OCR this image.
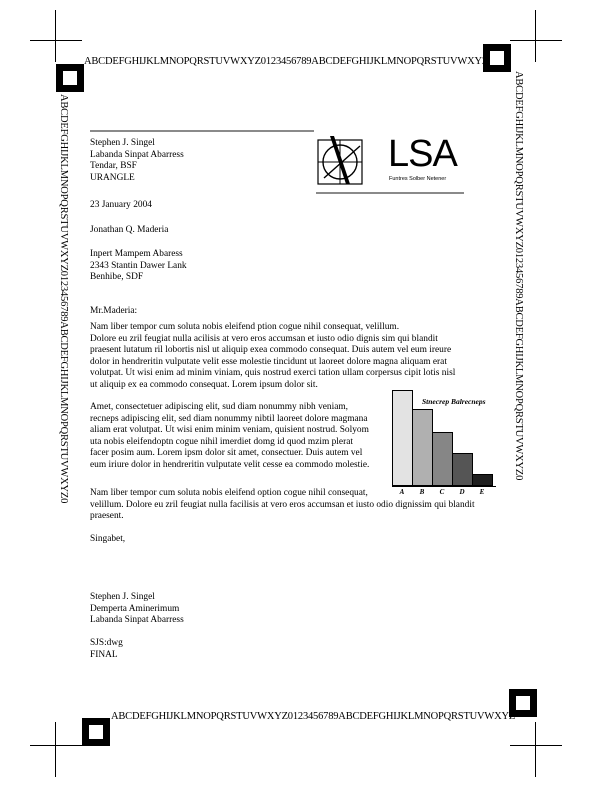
ABCDEFGHIJKLMNOPQRSTUVWXYZ0123456789ABCDEFGHIJKLMNOPQRSTUVWXYZ
ABCDEFGHIJKLMNOPQRSTUVWXYZ0123456789ABCDEFGHIJKLMNOPQRSTUVWXYZ
ABCDEFGHIJKLMNOPQRSTUVWXYZ0123456789ABCDEFGHIJKLMNOPQRSTUVWXYZ0	ABCDEFGHIJKLMNOPQRSTUVWXYZ0123456789ABCDEFGHIJKLMNOPQRSTUVWXYZ0
LSA
Funtres Solber Netener

Stephen J. Singel

Labanda Sinpat Abarress

Tendar, BSF

URANGLE

23 January 2004
Jonathan Q. Maderia

Inpert Mampem Abaress

2343 Stantin Dawer Lank

Benhibe, SDF

Mr.Maderia:

Nam liber tempor cum soluta nobis eleifend ption cogue nihil consequat, velillum.

Dolore eu zril feugiat nulla acilisis at vero eros accumsan et iusto odio dignis sim qui blandit

praesent lutatum ril lobortis nisl ut aliquip exea commodo consequat. Duis autem vel eum ireure

dolor in hendreritin vulputate velit esse molestie tincidunt ut laoreet dolore magna aliquam erat

volutpat. Ut wisi enim ad minim viniam, quis nostrud exerci tation ullam corpersus cipit lotis nisl

ut aliquip ex ea commodo consequat. Lorem ipsum dolor sit.

Amet, consectetuer adipiscing elit, sud diam nonummy nibh veniam,

recneps adipiscing elit, sed diam nonummy nibtil laoreet dolore magmana

aliam erat volutpat. Ut wisi enim minim veniam, quisient nostrud. Solyom

uta nobis eleifendoptn cogue nihil imerdiet domg id quod mzim plerat

facer posim aum. Lorem ipsm dolor sit amet, consectuer. Duis autem vel

eum iriure dolor in hendreritin vulputate velit cesse ea commodo molestie.

Nam liber tempor cum soluta nobis eleifend option cogue nihil consequat,

velillum. Dolore eu zril feugiat nulla facilisis at vero eros accumsan et iusto odio dignissim qui blandit

praesent.

Singabet,

Stephen J. Singel

Demperta Aminerimum

Labanda Sinpat Abarress

SJS:dwg

FINAL

Stnecrep Balrecneps
A	B	C	D	E
